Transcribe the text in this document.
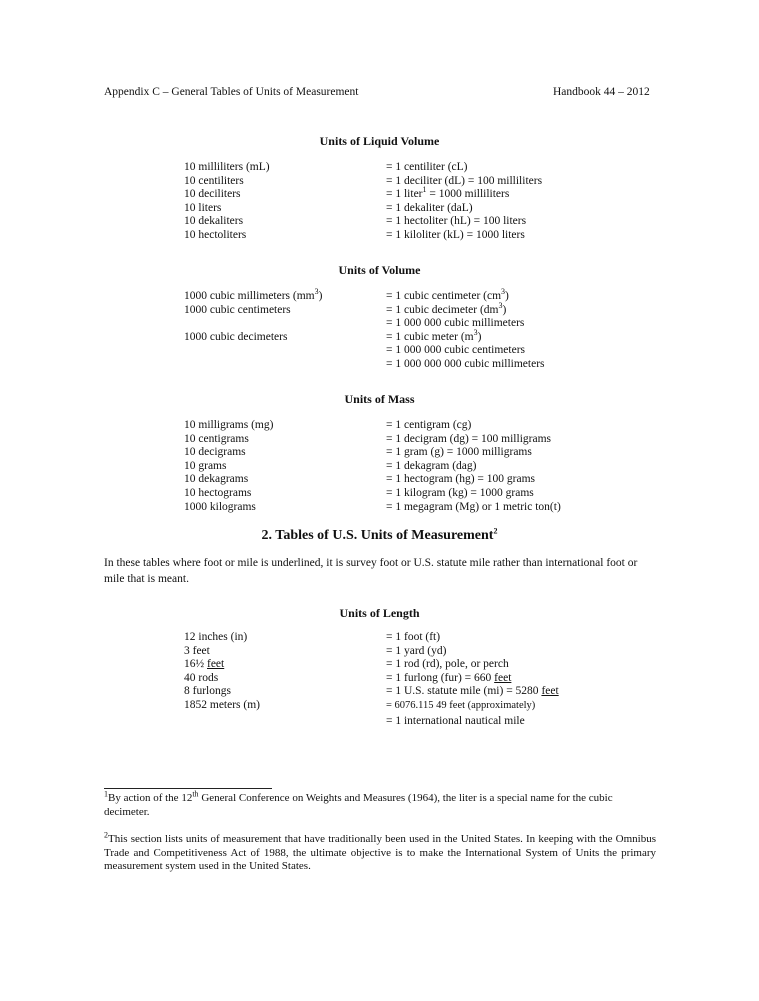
Appendix C – General Tables of Units of Measurement	Handbook 44 – 2012
Units of Liquid Volume
10 milliliters (mL)	= 1 centiliter (cL)
10 centiliters	= 1 deciliter (dL) = 100 milliliters
10 deciliters	= 1 liter$^1$ = 1000 milliliters
10 liters	= 1 dekaliter (daL)
10 dekaliters	= 1 hectoliter (hL) = 100 liters
10 hectoliters	= 1 kiloliter (kL) = 1000 liters
Units of Volume
1000 cubic millimeters $(mm^3)$	= 1 cubic centimeter $(cm^3)$
1000 cubic centimeters	= 1 cubic decimeter $(dm^3)$
= 1 000 000 cubic millimeters
1000 cubic decimeters	= 1 cubic meter $(m^3)$
= 1 000 000 cubic centimeters
= 1 000 000 000 cubic millimeters
Units of Mass
10 milligrams (mg)	= 1 centigram (cg)
10 centigrams	= 1 decigram (dg) = 100 milligrams
10 decigrams	= 1 gram (g) = 1000 milligrams
10 grams	= 1 dekagram (dag)
10 dekagrams	= 1 hectogram (hg) = 100 grams
10 hectograms	= 1 kilogram (kg) = 1000 grams
1000 kilograms	= 1 megagram (Mg) or 1 metric ton(t)
2. Tables of U.S. Units of Measurement$^2$
In these tables where foot or mile is underlined, it is survey foot or U.S. statute mile rather than international foot or mile that is meant.
Units of Length
12 inches (in)	= 1 foot (ft)
3 feet	= 1 yard (yd)
16½ feet	= 1 rod (rd), pole, or perch
40 rods	= 1 furlong (fur) = 660 feet
8 furlongs	= 1 U.S. statute mile (mi) = 5280 feet
1852 meters (m)	= 6076.115 49 feet (approximately)
= 1 international nautical mile
$^1$By action of the 12th General Conference on Weights and Measures (1964), the liter is a special name for the cubic decimeter.
$^2$This section lists units of measurement that have traditionally been used in the United States. In keeping with the Omnibus Trade and Competitiveness Act of 1988, the ultimate objective is to make the International System of Units the primary measurement system used in the United States.
